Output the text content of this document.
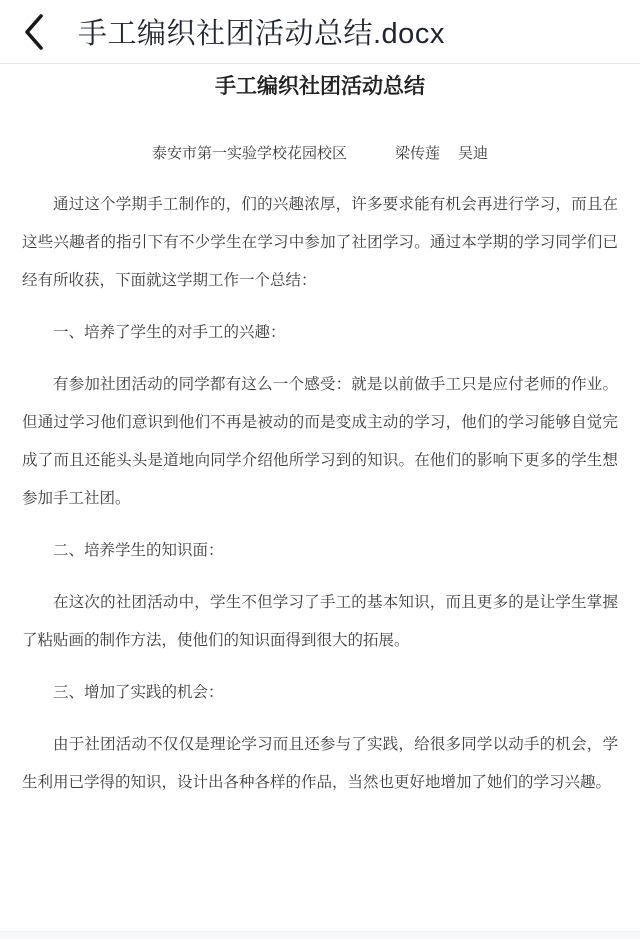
手工编织社团活动总结.docx
手工编织社团活动总结
泰安市第一实验学校花园校区	梁传莲 吴迪

通过这个学期手工制作的，们的兴趣浓厚，许多要求能有机会再进行学习，而且在这些兴趣者的指引下有不少学生在学习中参加了社团学习。通过本学期的学习同学们已经有所收获，下面就这学期工作一个总结：

一、培养了学生的对手工的兴趣：

有参加社团活动的同学都有这么一个感受：就是以前做手工只是应付老师的作业。但通过学习他们意识到他们不再是被动的而是变成主动的学习，他们的学习能够自觉完成了而且还能头头是道地向同学介绍他所学习到的知识。在他们的影响下更多的学生想参加手工社团。

二、培养学生的知识面：

在这次的社团活动中，学生不但学习了手工的基本知识，而且更多的是让学生掌握了粘贴画的制作方法，使他们的知识面得到很大的拓展。

三、增加了实践的机会：

由于社团活动不仅仅是理论学习而且还参与了实践，给很多同学以动手的机会，学生利用已学得的知识，设计出各种各样的作品，当然也更好地增加了她们的学习兴趣。
